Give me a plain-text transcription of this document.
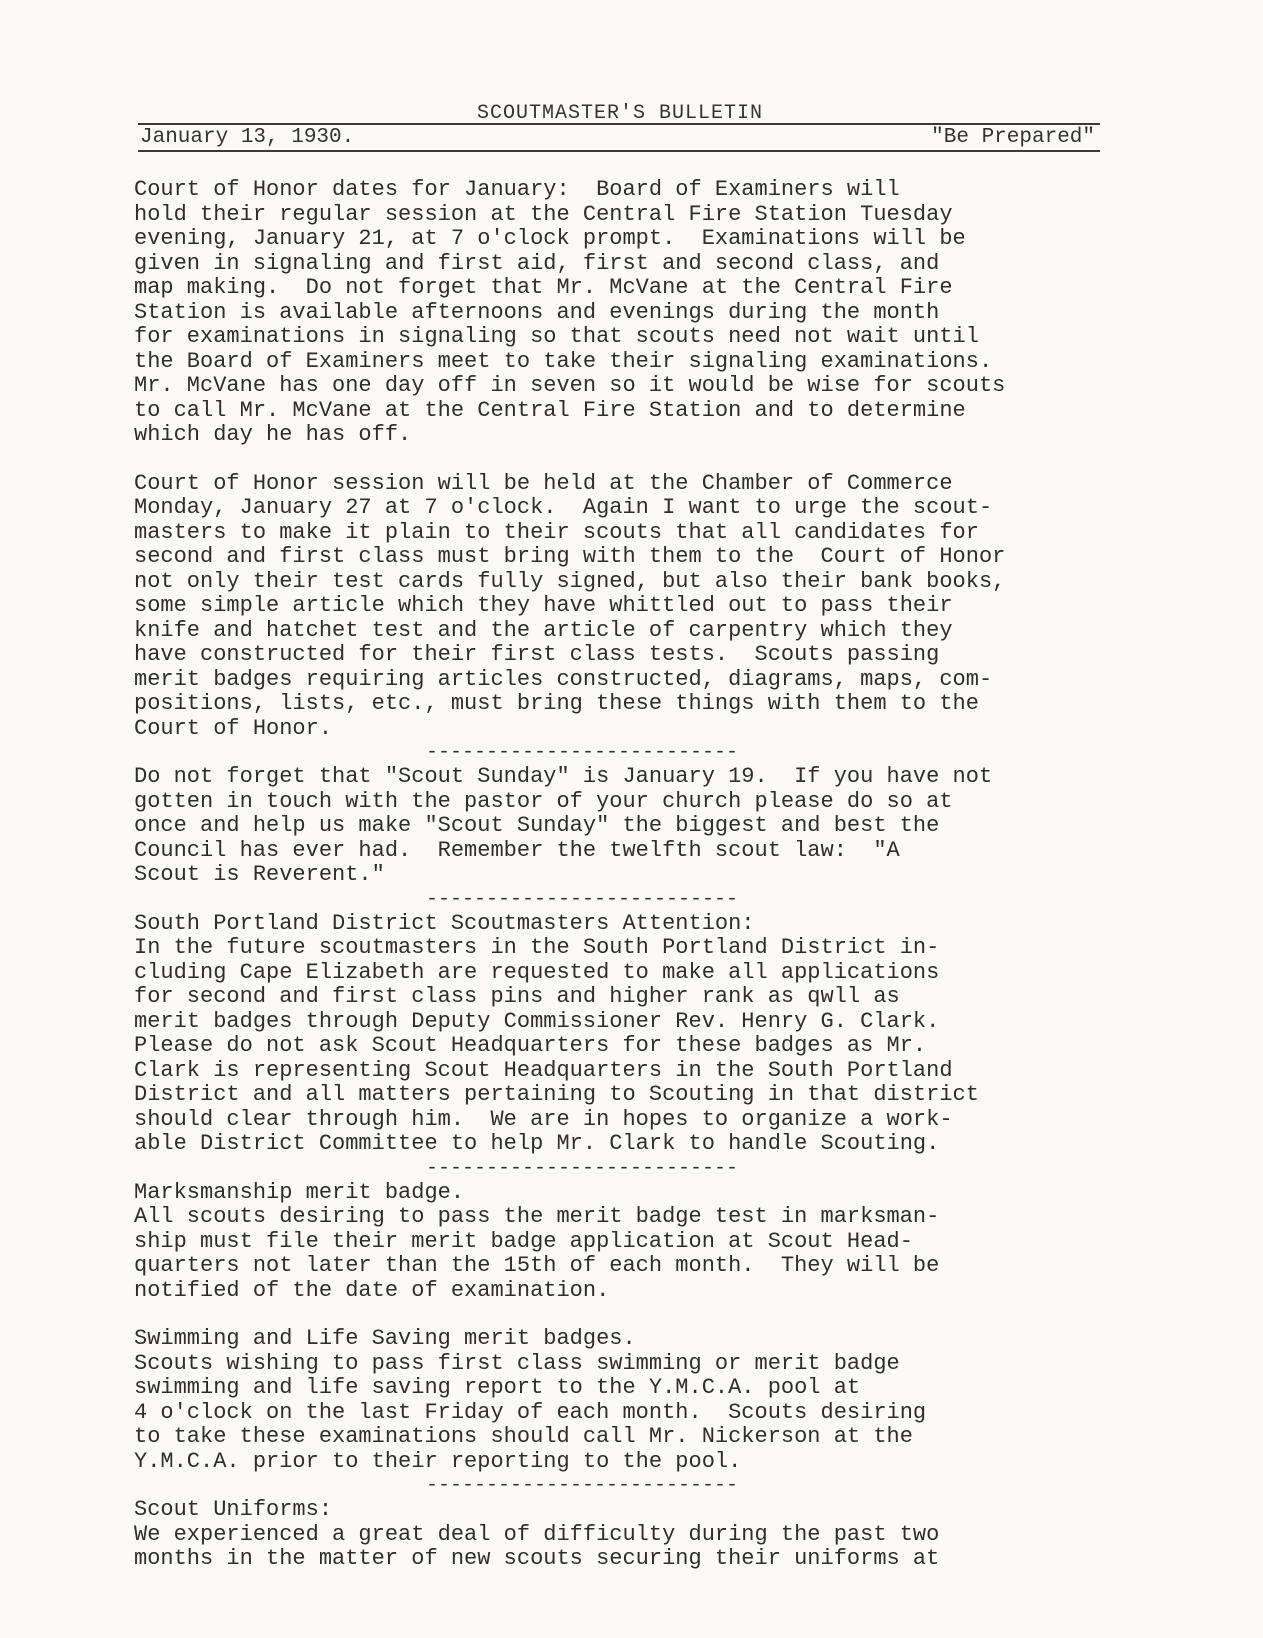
SCOUTMASTER'S BULLETIN
January 13, 1930.	"Be Prepared"
Court of Honor dates for January:  Board of Examiners will
hold their regular session at the Central Fire Station Tuesday
evening, January 21, at 7 o'clock prompt.  Examinations will be
given in signaling and first aid, first and second class, and
map making.  Do not forget that Mr. McVane at the Central Fire
Station is available afternoons and evenings during the month
for examinations in signaling so that scouts need not wait until
the Board of Examiners meet to take their signaling examinations.
Mr. McVane has one day off in seven so it would be wise for scouts
to call Mr. McVane at the Central Fire Station and to determine
which day he has off.
Court of Honor session will be held at the Chamber of Commerce
Monday, January 27 at 7 o'clock.  Again I want to urge the scout-
masters to make it plain to their scouts that all candidates for
second and first class must bring with them to the  Court of Honor
not only their test cards fully signed, but also their bank books,
some simple article which they have whittled out to pass their
knife and hatchet test and the article of carpentry which they
have constructed for their first class tests.  Scouts passing
merit badges requiring articles constructed, diagrams, maps, com-
positions, lists, etc., must bring these things with them to the
Court of Honor.
--------------------------
Do not forget that "Scout Sunday" is January 19.  If you have not
gotten in touch with the pastor of your church please do so at
once and help us make "Scout Sunday" the biggest and best the
Council has ever had.  Remember the twelfth scout law:  "A
Scout is Reverent."
--------------------------
South Portland District Scoutmasters Attention:
In the future scoutmasters in the South Portland District in-
cluding Cape Elizabeth are requested to make all applications
for second and first class pins and higher rank as qwll as
merit badges through Deputy Commissioner Rev. Henry G. Clark.
Please do not ask Scout Headquarters for these badges as Mr.
Clark is representing Scout Headquarters in the South Portland
District and all matters pertaining to Scouting in that district
should clear through him.  We are in hopes to organize a work-
able District Committee to help Mr. Clark to handle Scouting.
--------------------------
Marksmanship merit badge.
All scouts desiring to pass the merit badge test in marksman-
ship must file their merit badge application at Scout Head-
quarters not later than the 15th of each month.  They will be
notified of the date of examination.
Swimming and Life Saving merit badges.
Scouts wishing to pass first class swimming or merit badge
swimming and life saving report to the Y.M.C.A. pool at
4 o'clock on the last Friday of each month.  Scouts desiring
to take these examinations should call Mr. Nickerson at the
Y.M.C.A. prior to their reporting to the pool.
--------------------------
Scout Uniforms:
We experienced a great deal of difficulty during the past two
months in the matter of new scouts securing their uniforms at
